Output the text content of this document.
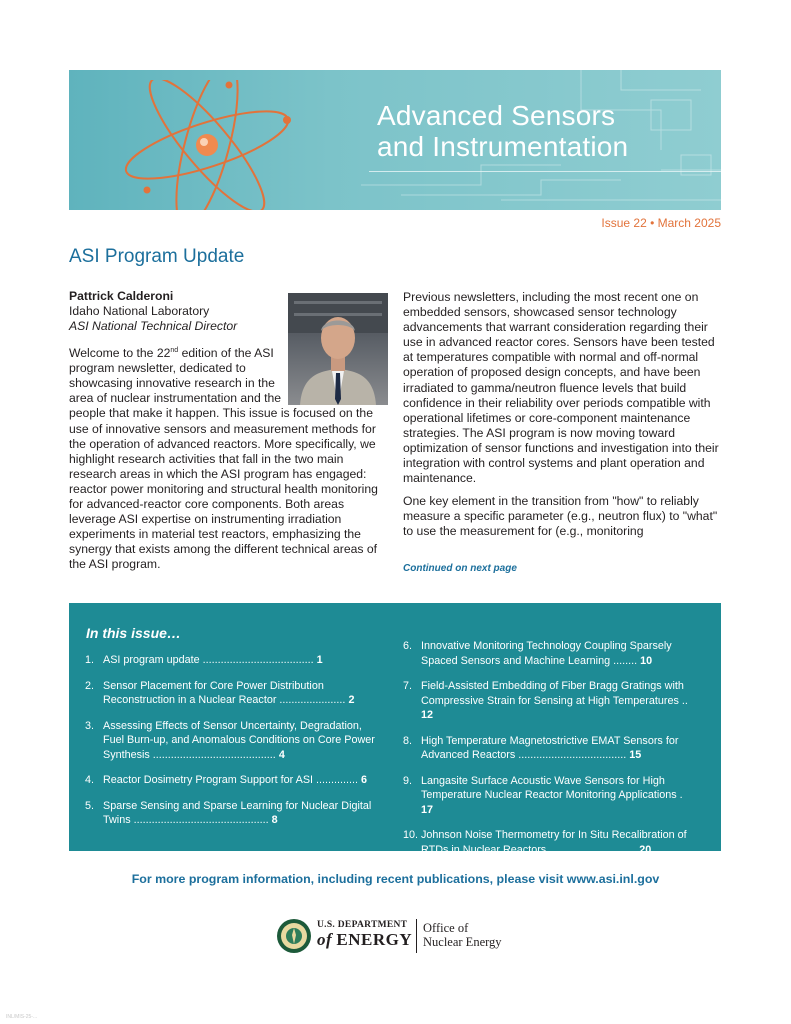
Advanced Sensors
and Instrumentation
Issue 22 • March 2025
ASI Program Update
Pattrick Calderoni
Idaho National Laboratory
ASI National Technical Director

Welcome to the 22nd edition of the ASI program newsletter, dedicated to showcasing innovative research in the area of nuclear instrumentation and the people that make it happen. This issue is focused on the use of innovative sensors and measurement methods for the operation of advanced reactors. More specifically, we highlight research activities that fall in the two main research areas in which the ASI program has engaged: reactor power monitoring and structural health monitoring for advanced-reactor core components. Both areas leverage ASI expertise on instrumenting irradiation experiments in material test reactors, emphasizing the synergy that exists among the different technical areas of the ASI program.

Previous newsletters, including the most recent one on embedded sensors, showcased sensor technology advancements that warrant consideration regarding their use in advanced reactor cores. Sensors have been tested at temperatures compatible with normal and off-normal operation of proposed design concepts, and have been irradiated to gamma/neutron fluence levels that build confidence in their reliability over periods compatible with operational lifetimes or core-component maintenance strategies. The ASI program is now moving toward optimization of sensor functions and investigation into their integration with control systems and plant operation and maintenance.

One key element in the transition from "how" to reliably measure a specific parameter (e.g., neutron flux) to "what" to use the measurement for (e.g., monitoring

Continued on next page
In this issue…
1. ASI program update ..................................... 1
2. Sensor Placement for Core Power Distribution Reconstruction in a Nuclear Reactor ...................... 2
3. Assessing Effects of Sensor Uncertainty, Degradation, Fuel Burn-up, and Anomalous Conditions on Core Power Synthesis ......................................... 4
4. Reactor Dosimetry Program Support for ASI .............. 6
5. Sparse Sensing and Sparse Learning for Nuclear Digital Twins ............................................. 8
6. Innovative Monitoring Technology Coupling Sparsely Spaced Sensors and Machine Learning ........ 10
7. Field-Assisted Embedding of Fiber Bragg Gratings with Compressive Strain for Sensing at High Temperatures .. 12
8. High Temperature Magnetostrictive EMAT Sensors for Advanced Reactors .................................... 15
9. Langasite Surface Acoustic Wave Sensors for High Temperature Nuclear Reactor Monitoring Applications . 17
10. Johnson Noise Thermometry for In Situ Recalibration of RTDs in Nuclear Reactors ............................. 20
For more program information, including recent publications, please visit www.asi.inl.gov
U.S. DEPARTMENT
of ENERGY
Office of
Nuclear Energy
INL/MIS-25-...
